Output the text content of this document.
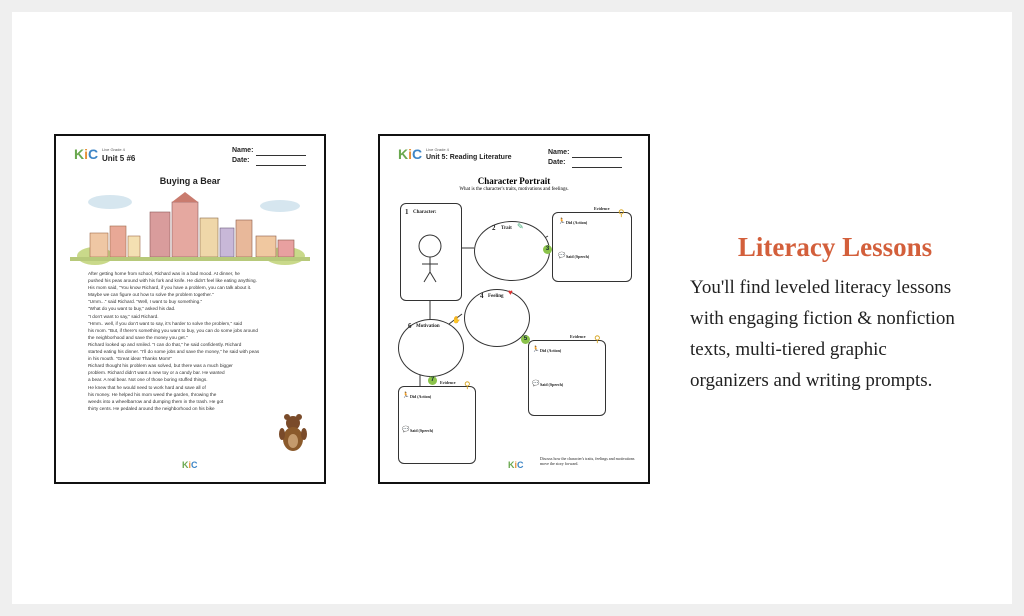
KiC Live Grade 4
Unit 5 #6
Name:
Date:
Buying a Bear
After getting home from school, Richard was in a bad mood. At dinner, he
pushed his peas around with his fork and knife. He didn't feel like eating anything.
His mom said, "You know Richard, if you have a problem, you can talk about it.
Maybe we can figure out how to solve the problem together."
"Umm..." said Richard. "Well, I want to buy something."
"What do you want to buy," asked his dad.
"I don't want to say," said Richard.
"Hmm.. well, if you don't want to say, it's harder to solve the problem," said
his mom. "But, if there's something you want to buy, you can do some jobs around
the neighborhood and save the money you get."
Richard looked up and smiled. "I can do that," he said confidently. Richard
started eating his dinner. "I'll do some jobs and save the money," he said with peas
in his mouth. "Great idea! Thanks Mom!"
Richard thought his problem was solved, but there was a much bigger
problem. Richard didn't want a new toy or a candy bar. He wanted
a bear. A real bear. Not one of those boring stuffed things.
He knew that he would need to work hard and save all of
his money. He helped his mom weed the garden, throwing the
weeds into a wheelbarrow and dumping them in the trash. He got
thirty cents. He pedaled around the neighborhood on his bike
KiC
KiC Live Grade 4
Unit 5: Reading Literature
Name:
Date:
Character Portrait
What is the character's traits, motivations and feelings.
1 Character:
2 Trait ✎
Evidence ⚲
3
🏃 Did (Action)
💬 Said (Speech)
4 Feeling ♥
6 Motivation
✋
Evidence ⚲
5
🏃 Did (Action)
💬 Said (Speech)
Evidence ⚲
7
🏃 Did (Action)
💬 Said (Speech)
KiC
Discuss how the character's traits, feelings and motivations move the story forward.
Literacy Lessons
You'll find leveled literacy lessons
with engaging fiction & nonfiction
texts, multi-tiered graphic
organizers and writing prompts.
